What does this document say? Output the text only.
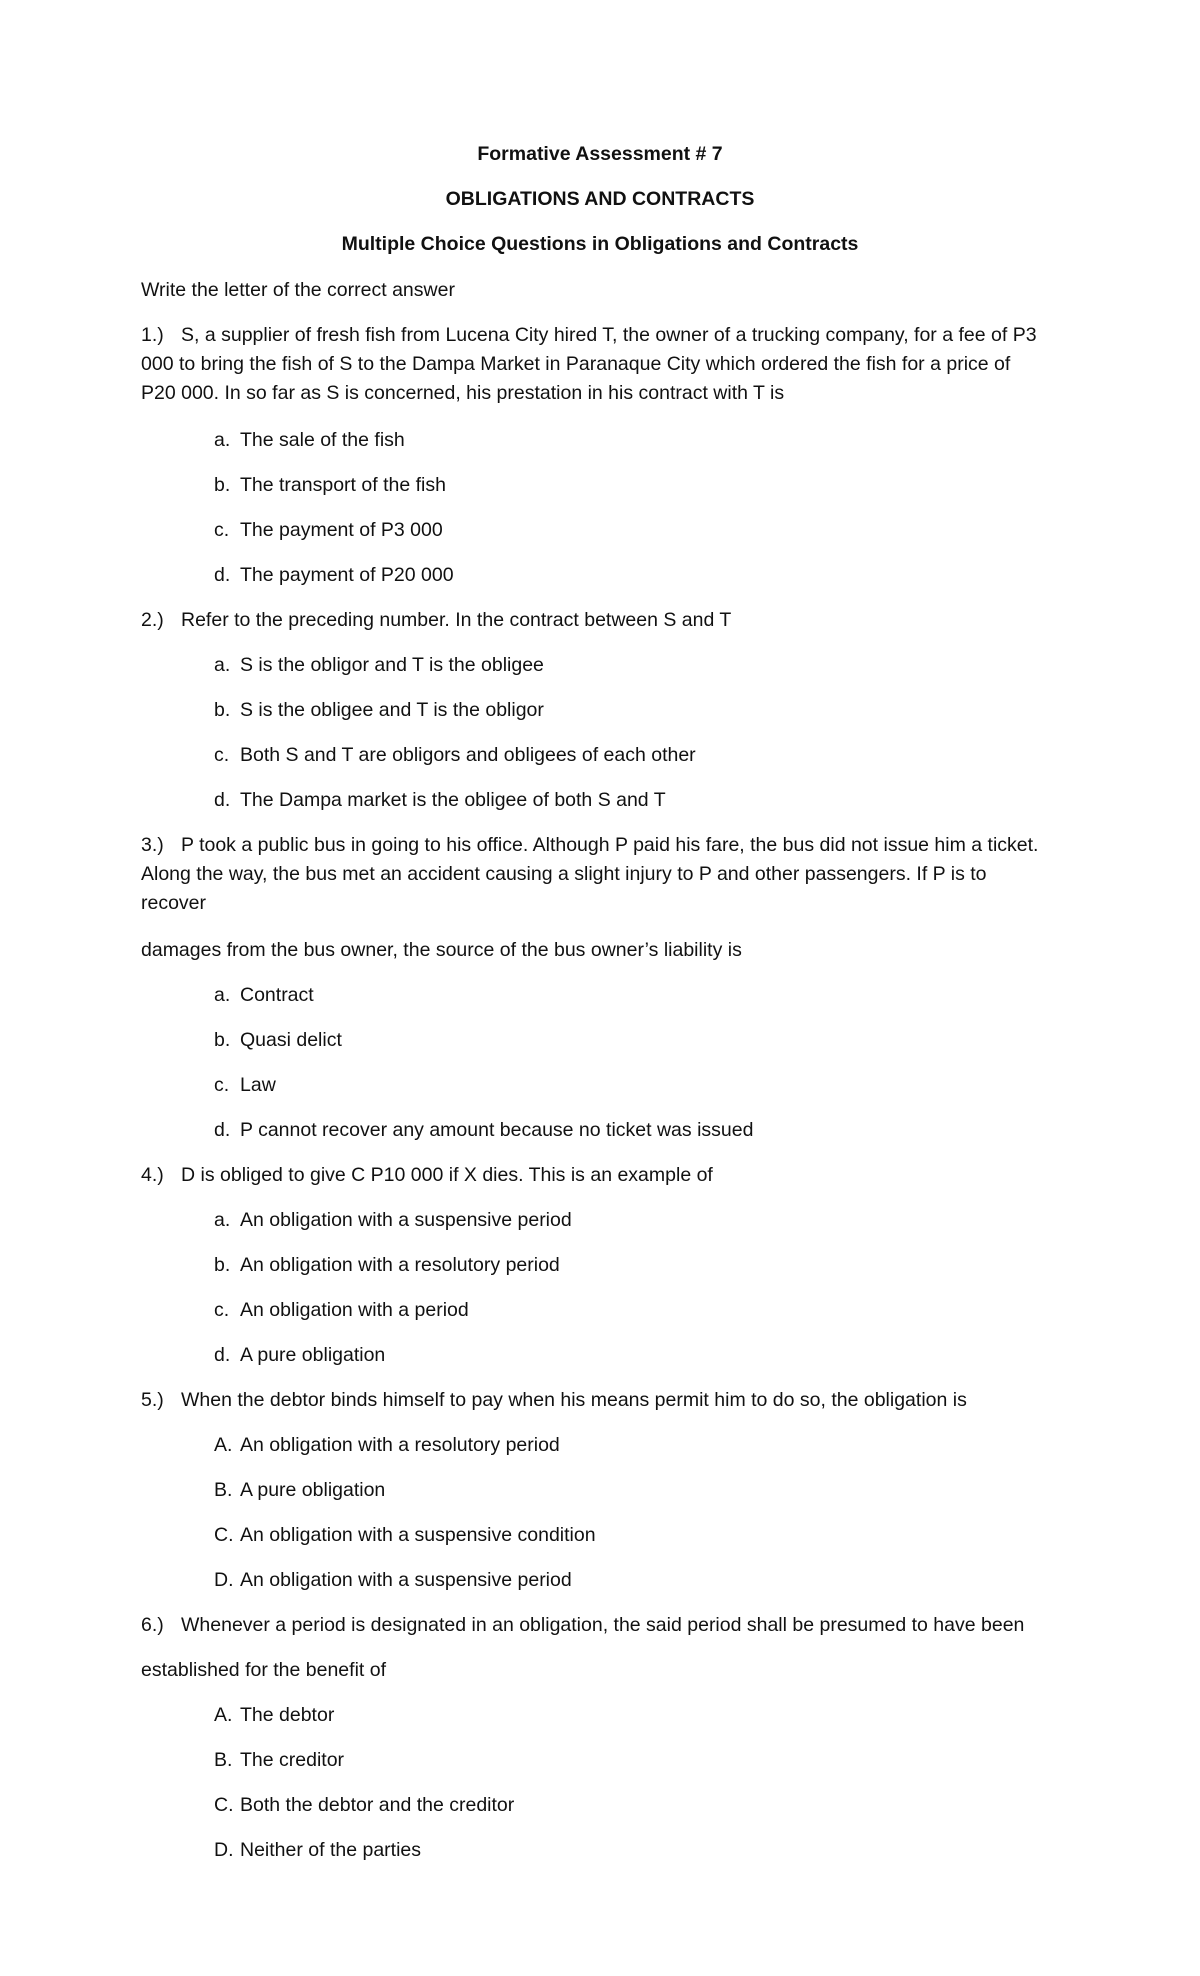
Formative Assessment # 7
OBLIGATIONS AND CONTRACTS
Multiple Choice Questions in Obligations and Contracts
Write the letter of the correct answer
1.) S, a supplier of fresh fish from Lucena City hired T, the owner of a trucking company, for a fee of P3
000 to bring the fish of S to the Dampa Market in Paranaque City which ordered the fish for a price of
P20 000. In so far as S is concerned, his prestation in his contract with T is
a. The sale of the fish
b. The transport of the fish
c. The payment of P3 000
d. The payment of P20 000
2.) Refer to the preceding number. In the contract between S and T
a. S is the obligor and T is the obligee
b. S is the obligee and T is the obligor
c. Both S and T are obligors and obligees of each other
d. The Dampa market is the obligee of both S and T
3.) P took a public bus in going to his office. Although P paid his fare, the bus did not issue him a ticket.
Along the way, the bus met an accident causing a slight injury to P and other passengers. If P is to
recover
damages from the bus owner, the source of the bus owner’s liability is
a. Contract
b. Quasi delict
c. Law
d. P cannot recover any amount because no ticket was issued
4.) D is obliged to give C P10 000 if X dies. This is an example of
a. An obligation with a suspensive period
b. An obligation with a resolutory period
c. An obligation with a period
d. A pure obligation
5.) When the debtor binds himself to pay when his means permit him to do so, the obligation is
A. An obligation with a resolutory period
B. A pure obligation
C. An obligation with a suspensive condition
D. An obligation with a suspensive period
6.) Whenever a period is designated in an obligation, the said period shall be presumed to have been
established for the benefit of
A. The debtor
B. The creditor
C. Both the debtor and the creditor
D. Neither of the parties
